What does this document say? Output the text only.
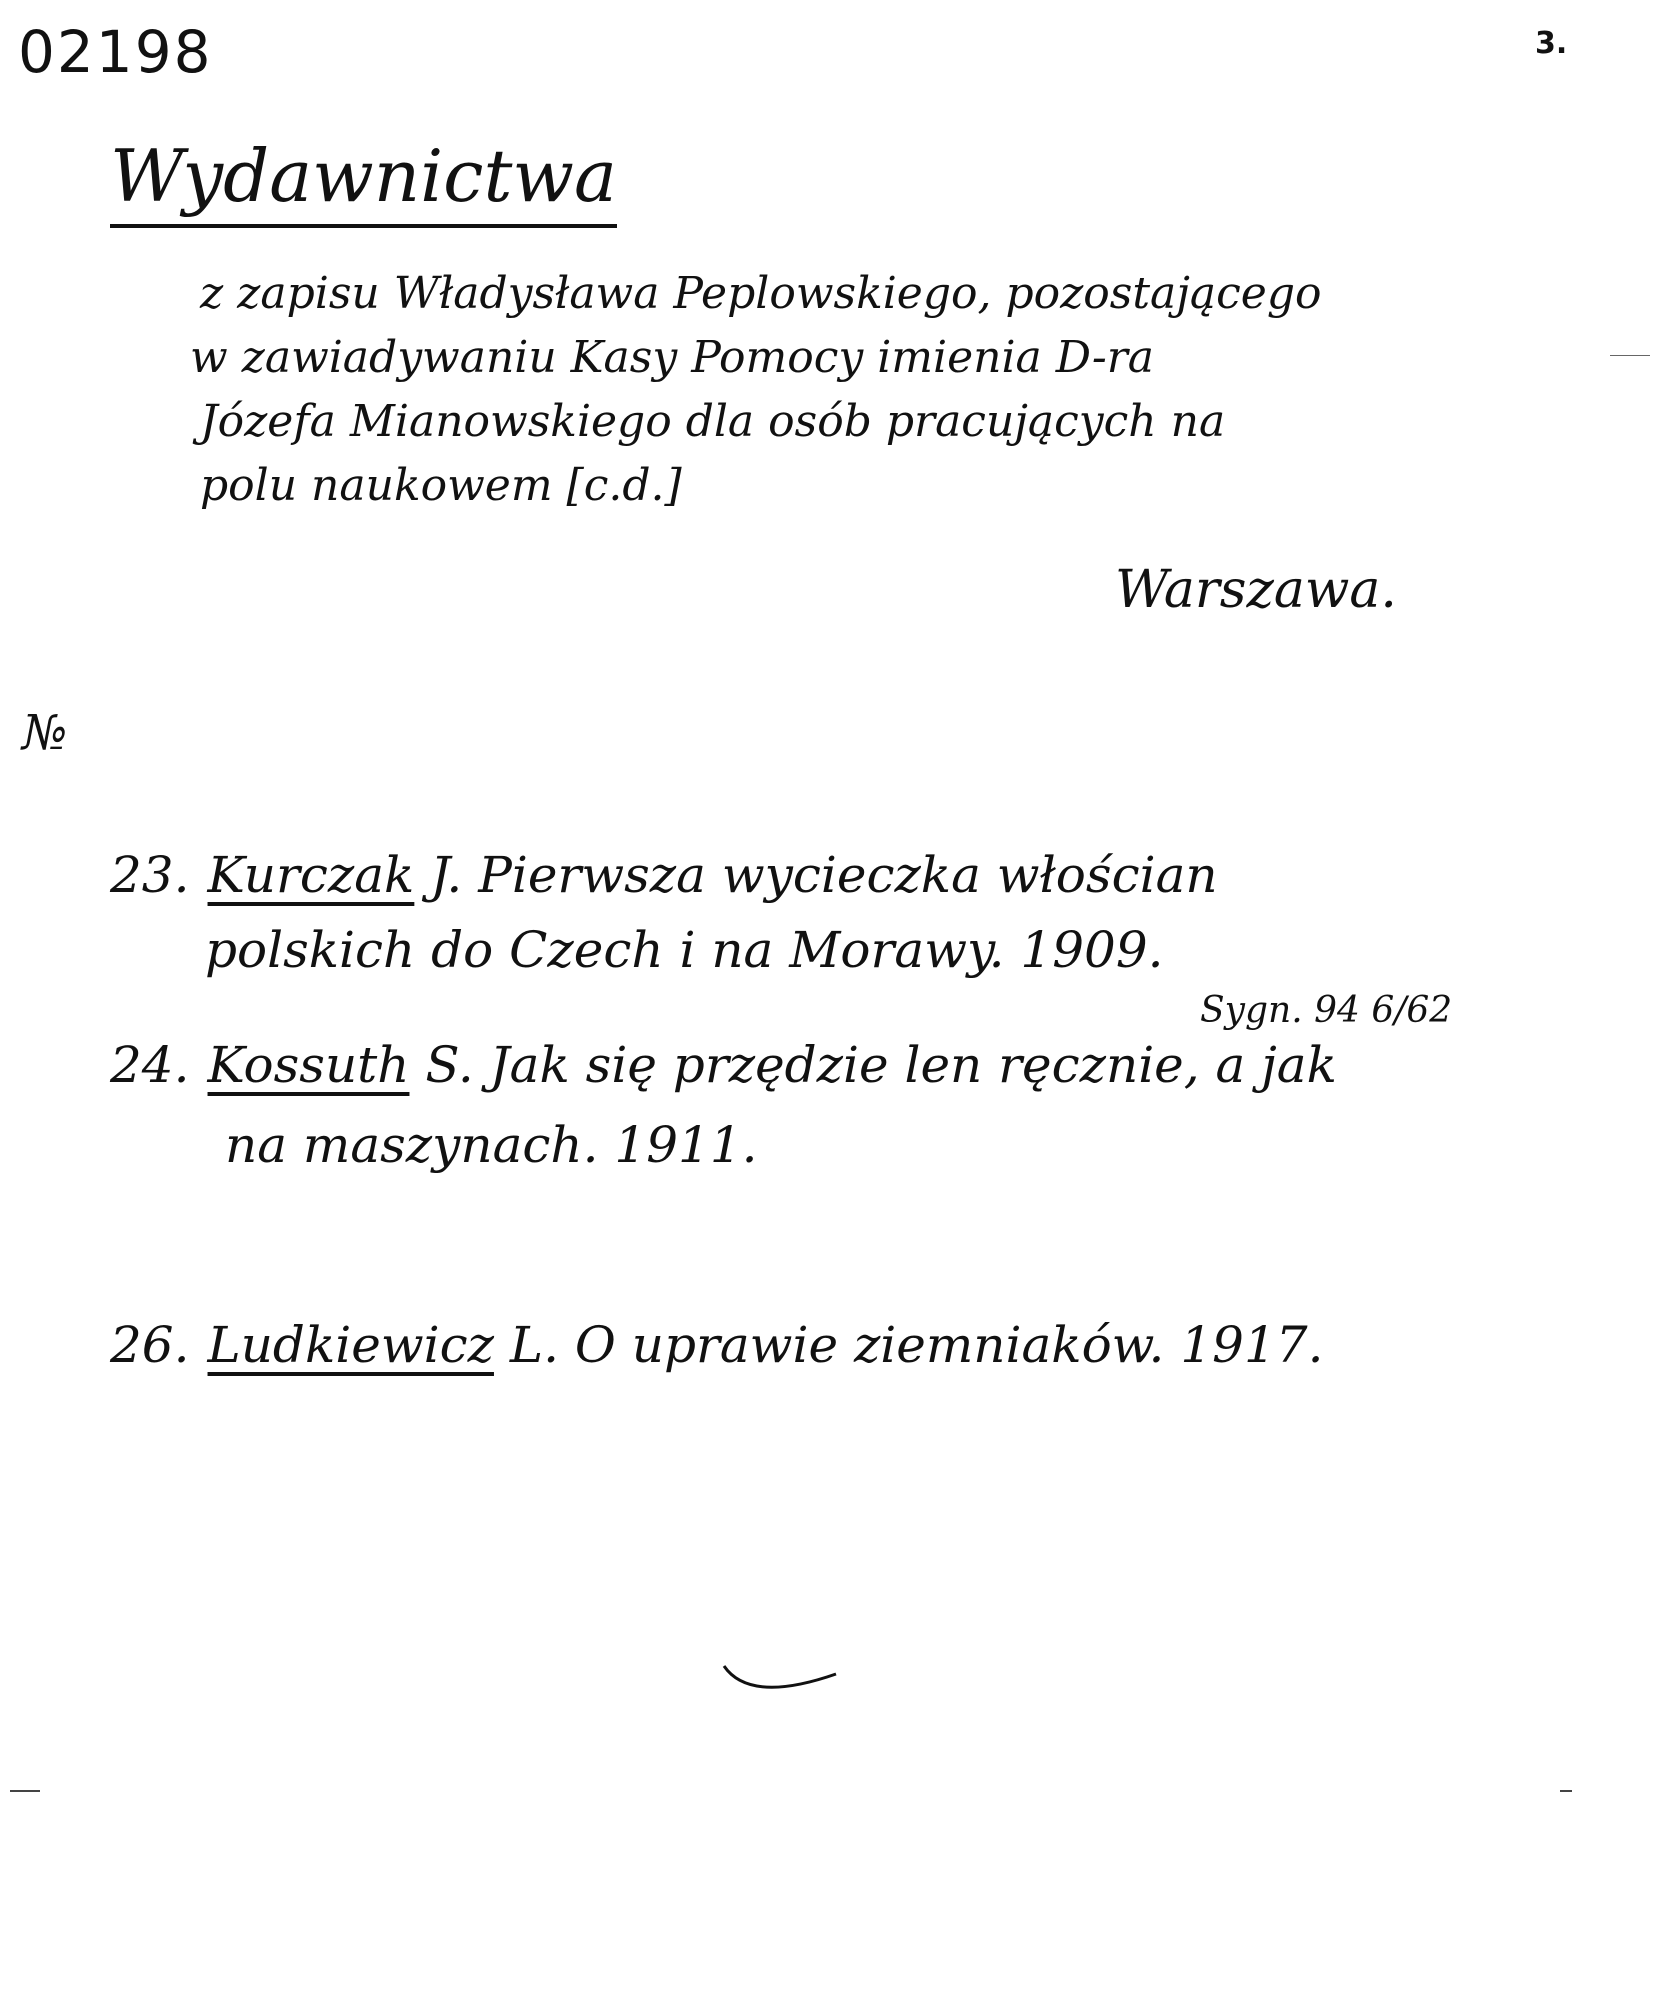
02198	3.
Wydawnictwa
z zapisu Władysława Peplowskiego, pozostającego
w zawiadywaniu Kasy Pomocy imienia D-ra
Józefa Mianowskiego dla osób pracujących na
polu naukowem [c.d.]
Warszawa.
№
23. Kurczak J. Pierwsza wycieczka włościan
polskich do Czech i na Morawy. 1909.
Sygn. 94 6/62
24. Kossuth S. Jak się przędzie len ręcznie, a jak
na maszynach. 1911.
26. Ludkiewicz L. O uprawie ziemniaków. 1917.
